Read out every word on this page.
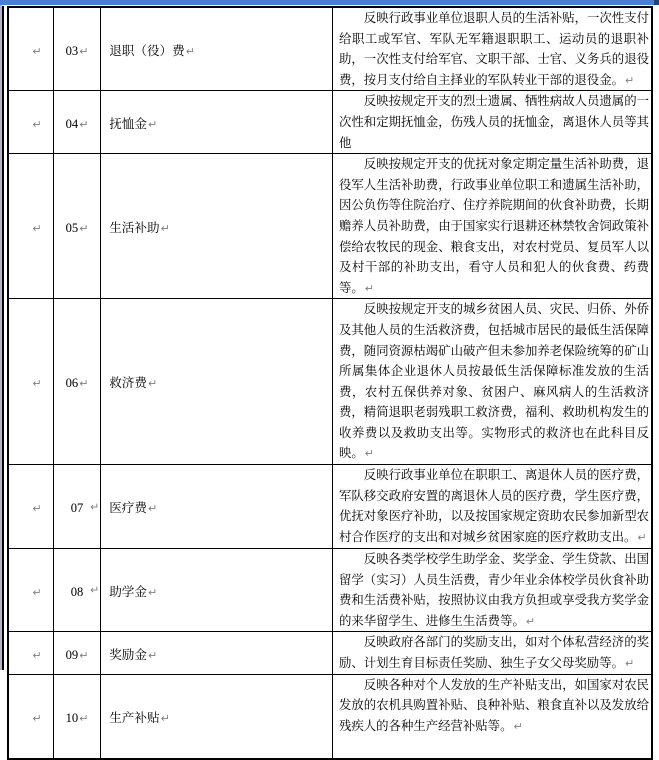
↵	03↵	退职（役）费↵	反映行政事业单位退职人员的生活补贴，一次性支付给职工或军官、军队无军籍退职职工、运动员的退职补助，一次性支付给军官、文职干部、士官、义务兵的退役费，按月支付给自主择业的军队转业干部的退役金。↵

↵	04↵	抚恤金↵	反映按规定开支的烈士遗属、牺牲病故人员遗属的一次性和定期抚恤金，伤残人员的抚恤金，离退休人员等其他

↵	05↵	生活补助↵	反映按规定开支的优抚对象定期定量生活补助费，退役军人生活补助费，行政事业单位职工和遗属生活补助，因公负伤等住院治疗、住疗养院期间的伙食补助费，长期赡养人员补助费，由于国家实行退耕还林禁牧舍饲政策补偿给农牧民的现金、粮食支出，对农村党员、复员军人以及村干部的补助支出，看守人员和犯人的伙食费、药费等。↵

↵	06↵	救济费↵	反映按规定开支的城乡贫困人员、灾民、归侨、外侨及其他人员的生活救济费，包括城市居民的最低生活保障费，随同资源枯竭矿山破产但未参加养老保险统筹的矿山所属集体企业退休人员按最低生活保障标准发放的生活费，农村五保供养对象、贫困户、麻风病人的生活救济费，精简退职老弱残职工救济费，福利、救助机构发生的收养费以及救助支出等。实物形式的救济也在此科目反映。↵

↵	07 ↵	医疗费↵	反映行政事业单位在职职工、离退休人员的医疗费，军队移交政府安置的离退休人员的医疗费，学生医疗费，优抚对象医疗补助，以及按国家规定资助农民参加新型农村合作医疗的支出和对城乡贫困家庭的医疗救助支出。↵

↵	08 ↵	助学金↵	反映各类学校学生助学金、奖学金、学生贷款、出国留学（实习）人员生活费，青少年业余体校学员伙食补助费和生活费补贴，按照协议由我方负担或享受我方奖学金的来华留学生、进修生生活费等。↵

↵	09↵	奖励金↵	反映政府各部门的奖励支出，如对个体私营经济的奖励、计划生育目标责任奖励、独生子女父母奖励等。↵

↵	10↵	生产补贴↵	反映各种对个人发放的生产补贴支出，如国家对农民发放的农机具购置补贴、良种补贴、粮食直补以及发放给残疾人的各种生产经营补贴等。↵
